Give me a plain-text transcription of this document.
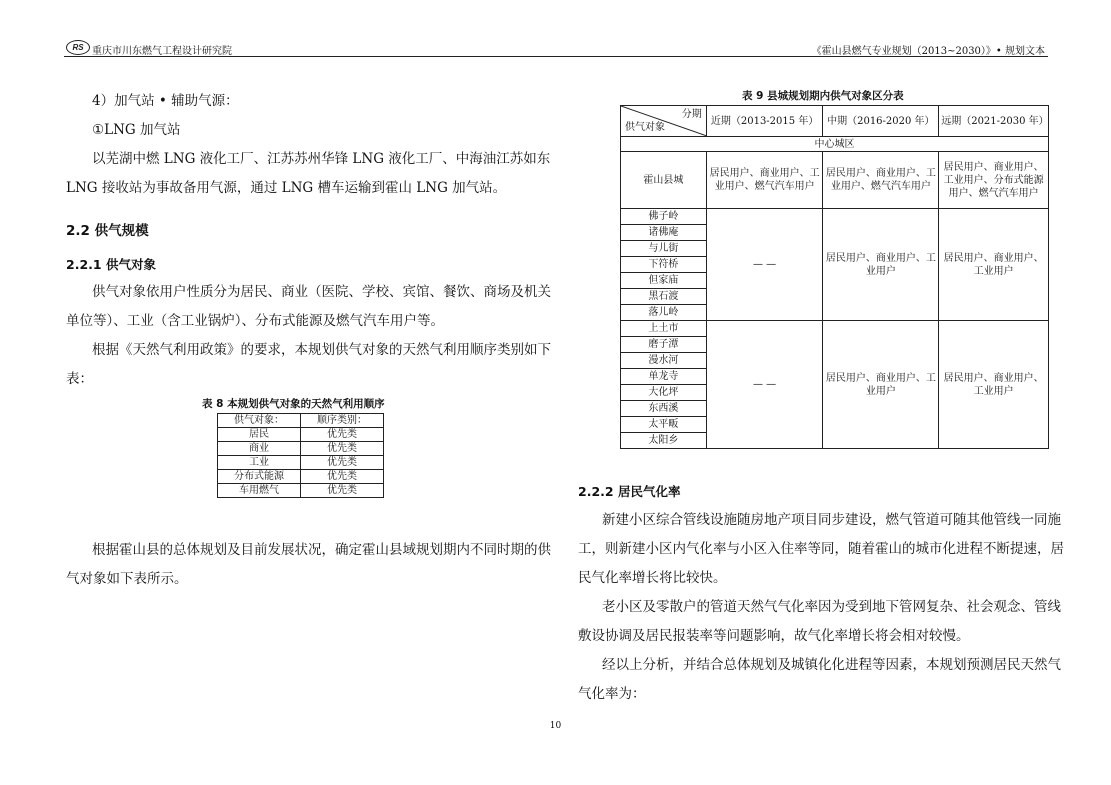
RS 重庆市川东燃气工程设计研究院	《霍山县燃气专业规划（2013~2030）》• 规划文本
4）加气站 • 辅助气源：
①LNG 加气站
以芜湖中燃 LNG 液化工厂、江苏苏州华锋 LNG 液化工厂、中海油江苏如东
LNG 接收站为事故备用气源，通过 LNG 槽车运输到霍山 LNG 加气站。
2.2 供气规模
2.2.1 供气对象
供气对象依用户性质分为居民、商业（医院、学校、宾馆、餐饮、商场及机关
单位等）、工业（含工业锅炉）、分布式能源及燃气汽车用户等。
根据《天然气利用政策》的要求，本规划供气对象的天然气利用顺序类别如下
表：
表 8 本规划供气对象的天然气利用顺序
供气对象：	顺序类别：
居民	优先类
商业	优先类
工业	优先类
分布式能源	优先类
车用燃气	优先类
根据霍山县的总体规划及目前发展状况，确定霍山县域规划期内不同时期的供
气对象如下表所示。
表 9 县城规划期内供气对象区分表
分期
供气对象	近期（2013-2015 年）	中期（2016-2020 年）	远期（2021-2030 年）
中心城区			
霍山县城	居民用户、商业用户、工业用户、燃气汽车用户	居民用户、商业用户、工业用户、燃气汽车用户	居民用户、商业用户、工业用户、分布式能源用户、燃气汽车用户
佛子岭	— —	居民用户、商业用户、工业用户	居民用户、商业用户、工业用户
诸佛庵			
与儿街			
下符桥			
但家庙			
黑石渡			
落儿岭			
上土市	— —	居民用户、商业用户、工业用户	居民用户、商业用户、工业用户
磨子潭			
漫水河			
单龙寺			
大化坪			
东西溪			
太平畈			
太阳乡			
2.2.2 居民气化率
新建小区综合管线设施随房地产项目同步建设，燃气管道可随其他管线一同施
工，则新建小区内气化率与小区入住率等同，随着霍山的城市化进程不断提速，居
民气化率增长将比较快。
老小区及零散户的管道天然气气化率因为受到地下管网复杂、社会观念、管线
敷设协调及居民报装率等问题影响，故气化率增长将会相对较慢。
经以上分析，并结合总体规划及城镇化化进程等因素，本规划预测居民天然气
气化率为：
10
